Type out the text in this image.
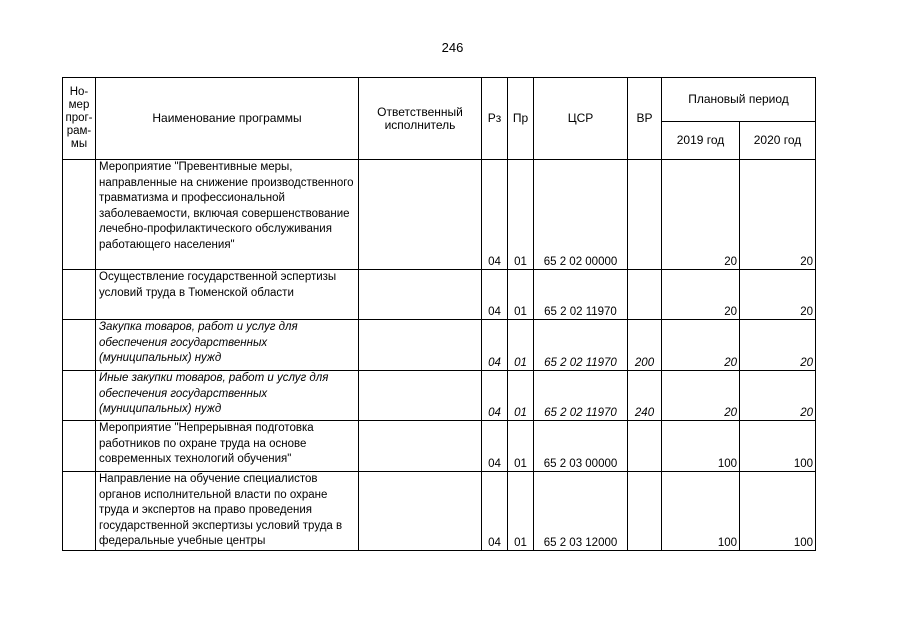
246
Но-
мер
прог-
рам-
мы	Наименование программы	Ответственный исполнитель	Рз	Пр	ЦСР	ВР	Плановый период	
							2019 год	2020 год
	Мероприятие "Превентивные меры, направленные на снижение производственного травматизма и профессиональной заболеваемости, включая совершенствование лечебно-профилактического обслуживания работающего населения"		04	01	65 2 02 00000		20	20
	Осуществление государственной эспертизы условий труда в Тюменской области		04	01	65 2 02 11970		20	20
	Закупка товаров, работ и услуг для обеспечения государственных (муниципальных) нужд		04	01	65 2 02 11970	200	20	20
	Иные закупки товаров, работ и услуг для обеспечения государственных (муниципальных) нужд		04	01	65 2 02 11970	240	20	20
	Мероприятие "Непрерывная подготовка работников по охране труда на основе современных технологий обучения"		04	01	65 2 03 00000		100	100
	Направление на обучение специалистов органов исполнительной власти по охране труда и экспертов на право проведения государственной экспертизы условий труда в федеральные учебные центры		04	01	65 2 03 12000		100	100
